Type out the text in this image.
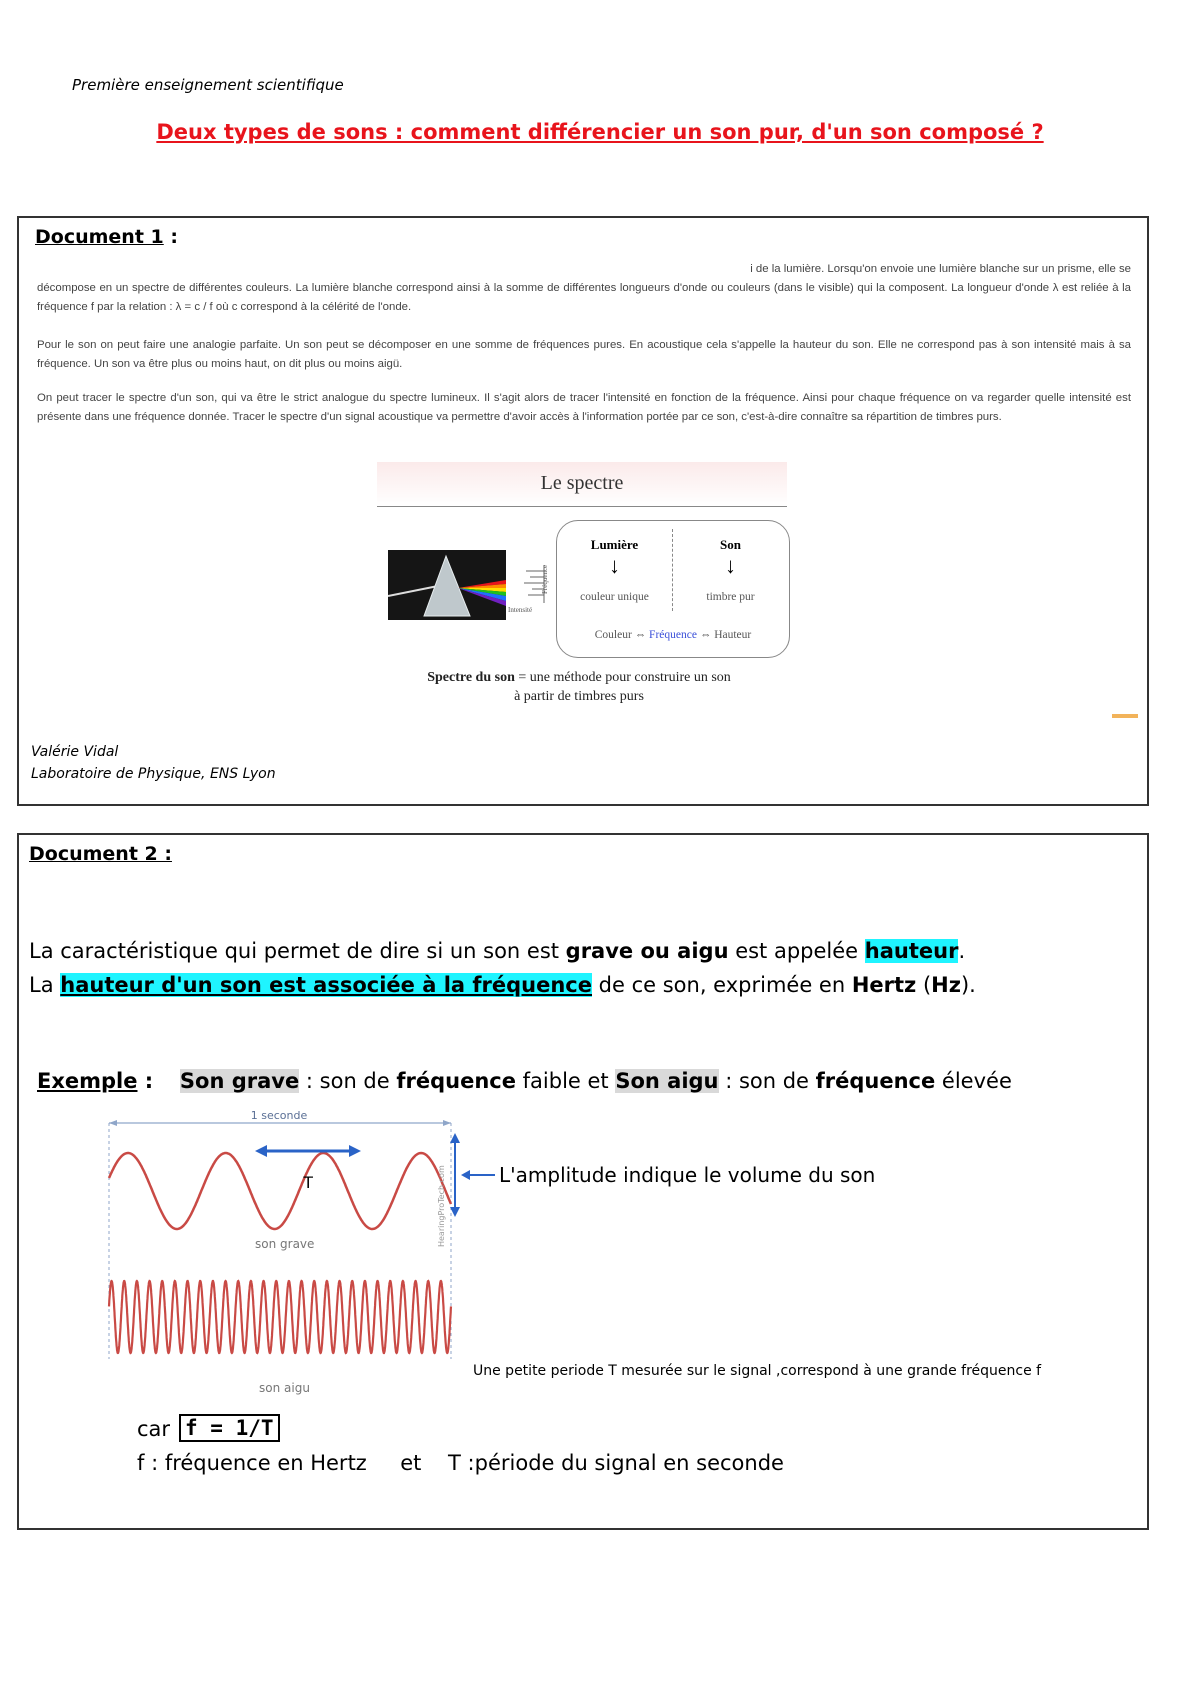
Première enseignement scientifique
Deux types de sons : comment différencier un son pur, d'un son composé ?
Document 1 :
i de la lumière. Lorsqu'on envoie une lumière blanche sur un prisme, elle se
décompose en un spectre de différentes couleurs. La lumière blanche correspond ainsi à la somme de différentes longueurs d'onde ou couleurs (dans le visible) qui la composent. La longueur d'onde λ est reliée à la fréquence f par la relation : λ = c / f où c correspond à la célérité de l'onde.
Pour le son on peut faire une analogie parfaite. Un son peut se décomposer en une somme de fréquences pures. En acoustique cela s'appelle la hauteur du son. Elle ne correspond pas à son intensité mais à sa fréquence. Un son va être plus ou moins haut, on dit plus ou moins aigü.
On peut tracer le spectre d'un son, qui va être le strict analogue du spectre lumineux. Il s'agit alors de tracer l'intensité en fonction de la fréquence. Ainsi pour chaque fréquence on va regarder quelle intensité est présente dans une fréquence donnée. Tracer le spectre d'un signal acoustique va permettre d'avoir accès à l'information portée par ce son, c'est-à-dire connaître sa répartition de timbres purs.
Le spectre
Fréquence
Intensité
Lumière
↓
couleur unique
Son
↓
timbre pur
Couleur ⇔ Fréquence ⇔ Hauteur
Spectre du son = une méthode pour construire un son
à partir de timbres purs
Valérie Vidal
Laboratoire de Physique, ENS Lyon
Document 2 :
La caractéristique qui permet de dire si un son est grave ou aigu est appelée hauteur.
La hauteur d'un son est associée à la fréquence de ce son, exprimée en Hertz (Hz).
Exemple : Son grave : son de fréquence faible et Son aigu : son de fréquence élevée
1 seconde
T
son grave
son aigu
HearingProTech.com	L'amplitude indique le volume du son
Une petite periode T mesurée sur le signal ,correspond à une grande fréquence f
car f = 1/T
f : fréquence en Hertz     et    T :période du signal en seconde
